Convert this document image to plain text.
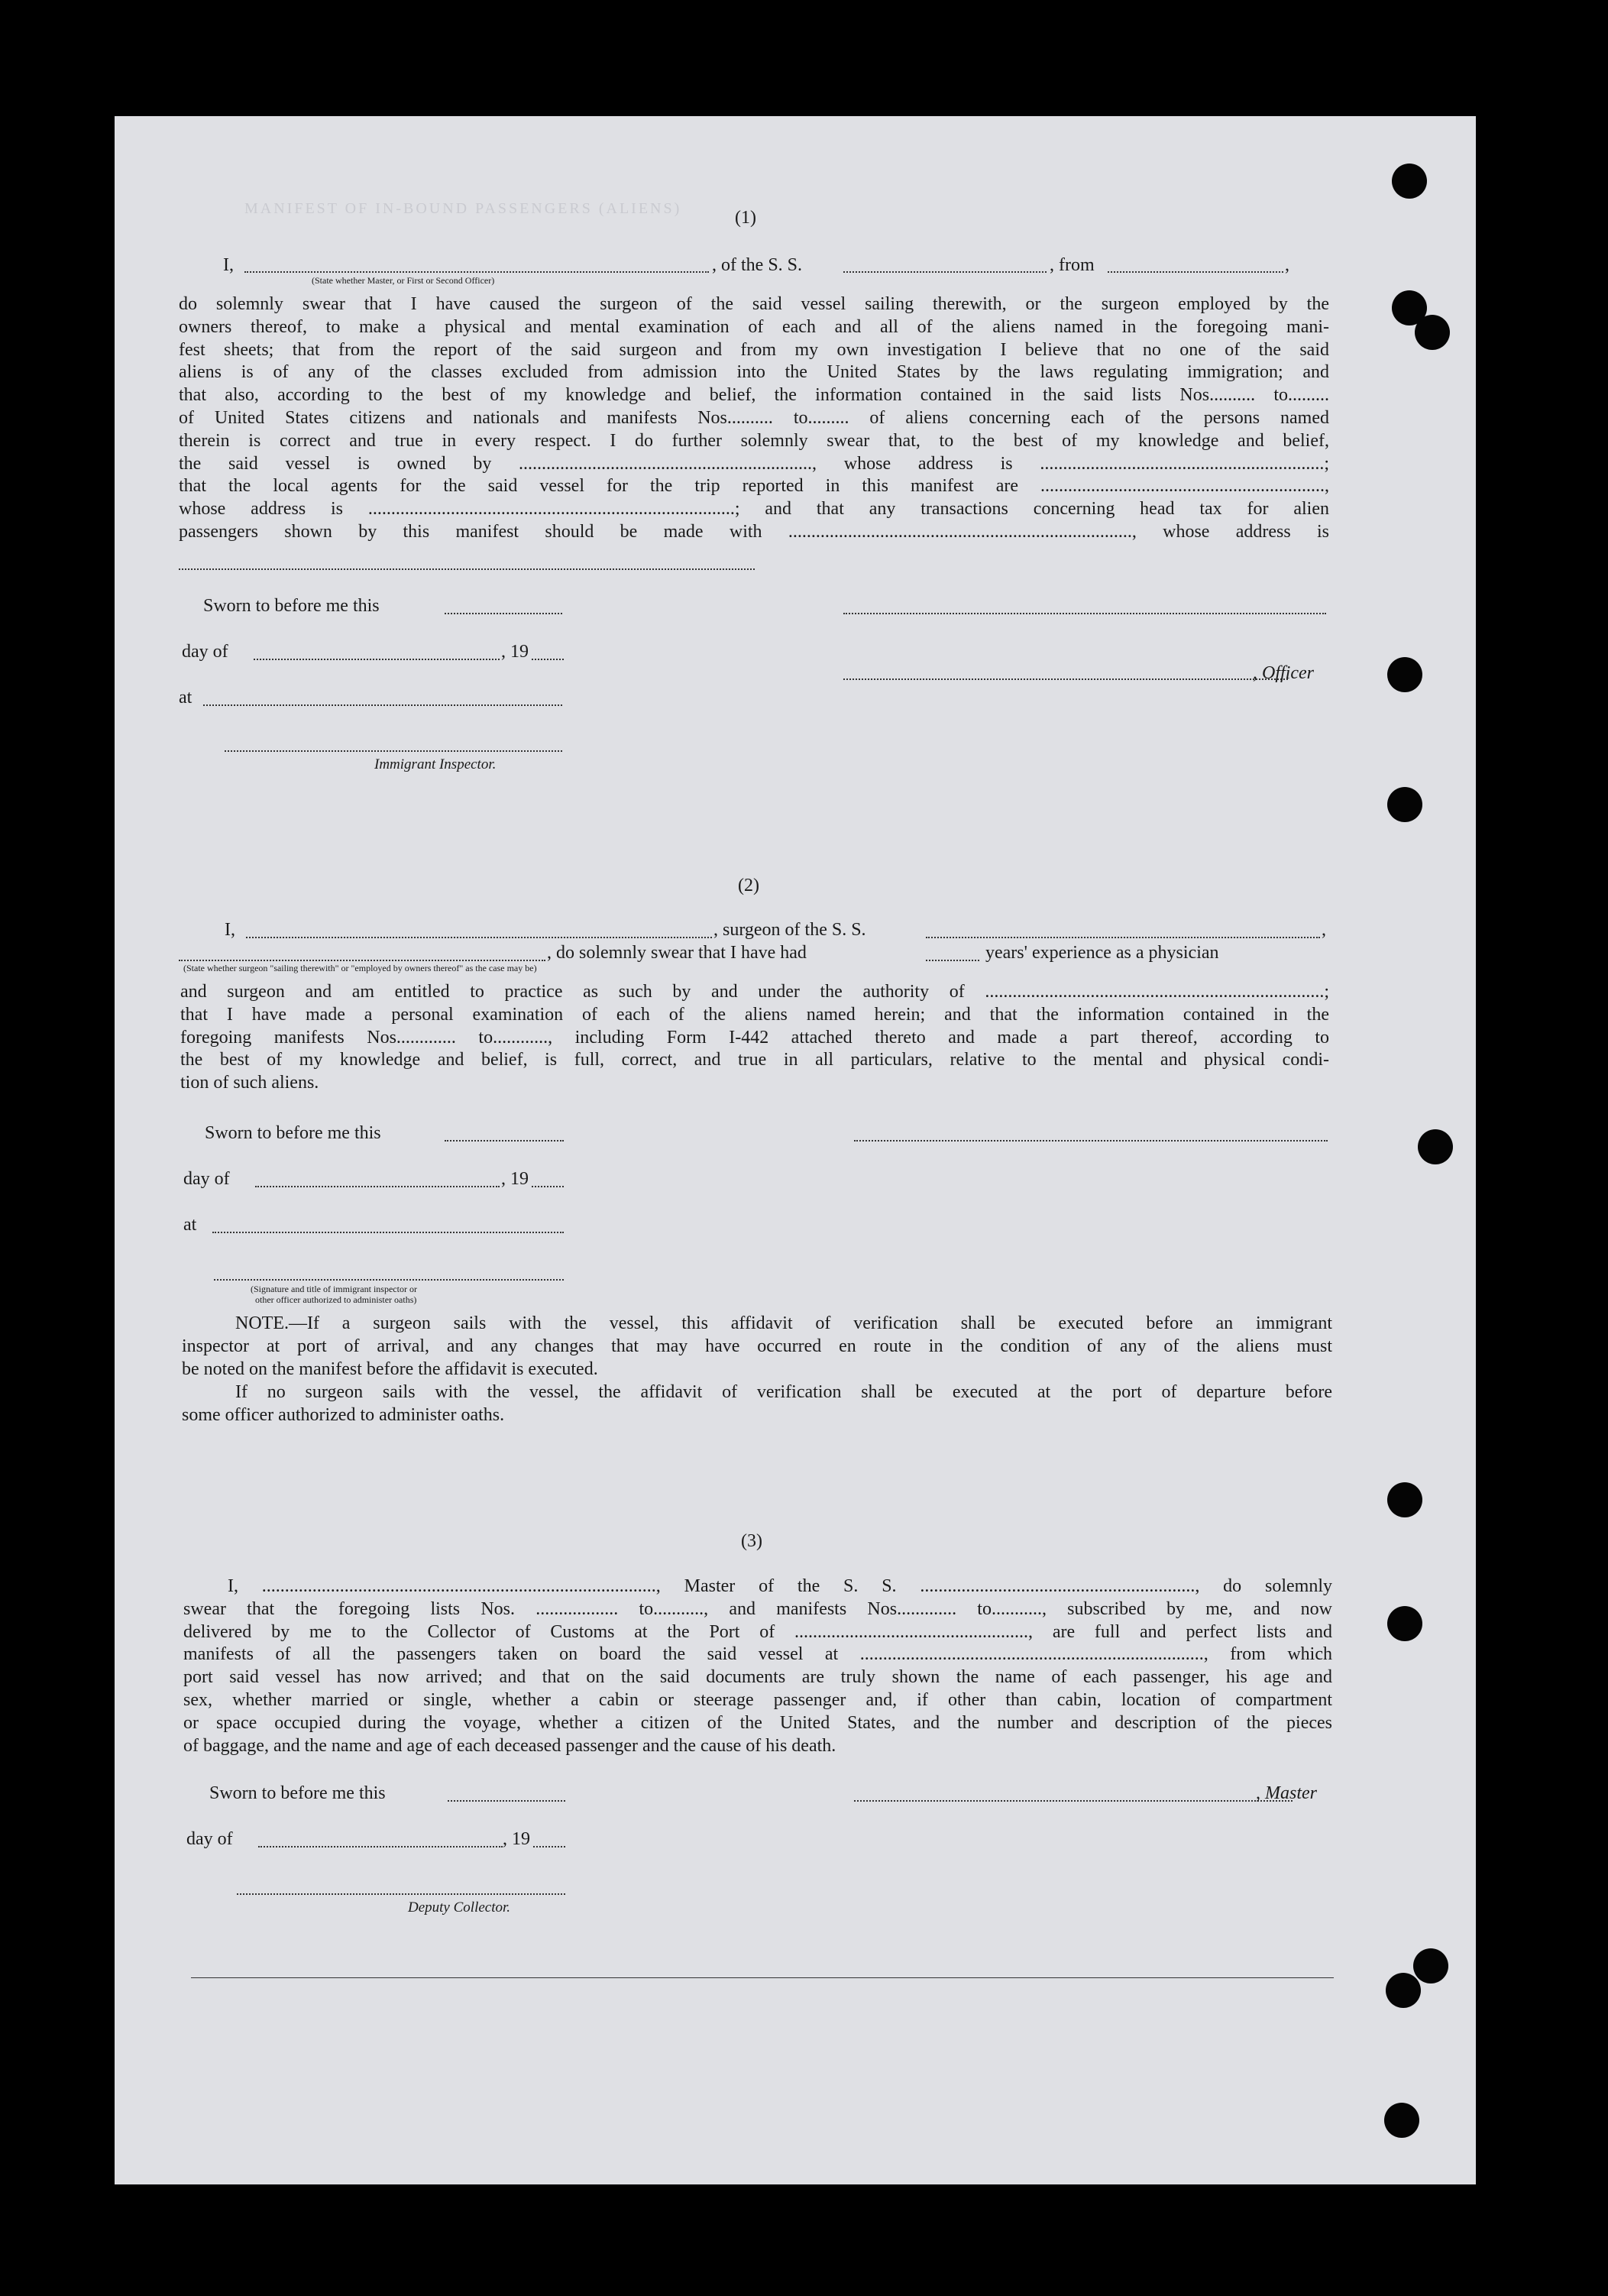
MANIFEST OF IN-BOUND PASSENGERS (ALIENS)	(1)
I,	, of the S. S.	, from	,
(State whether Master, or First or Second Officer)
do solemnly swear that I have caused the surgeon of the said vessel sailing therewith, or the surgeon employed by the
owners thereof, to make a physical and mental examination of each and all of the aliens named in the foregoing mani-
fest sheets; that from the report of the said surgeon and from my own investigation I believe that no one of the said
aliens is of any of the classes excluded from admission into the United States by the laws regulating immigration; and
that also, according to the best of my knowledge and belief, the information contained in the said lists Nos.......... to.........
of United States citizens and nationals and manifests Nos.......... to......... of aliens concerning each of the persons named
therein is correct and true in every respect. I do further solemnly swear that, to the best of my knowledge and belief,
the said vessel is owned by ................................................................, whose address is ..............................................................;
that the local agents for the said vessel for the trip reported in this manifest are ..............................................................,
whose address is ................................................................................; and that any transactions concerning head tax for alien
passengers shown by this manifest should be made with ..........................................................................., whose address is
Sworn to before me this
day of	, 19
, Officer
at
Immigrant Inspector.
(2)
I,	, surgeon of the S. S.	,
, do solemnly swear that I have had	years' experience as a physician
(State whether surgeon "sailing therewith" or "employed by owners thereof" as the case may be)
and surgeon and am entitled to practice as such by and under the authority of ..........................................................................;
that I have made a personal examination of each of the aliens named herein; and that the information contained in the
foregoing manifests Nos............. to............, including Form I-442 attached thereto and made a part thereof, according to
the best of my knowledge and belief, is full, correct, and true in all particulars, relative to the mental and physical condi-
tion of such aliens.
Sworn to before me this
day of	, 19
at
(Signature and title of immigrant inspector or
other officer authorized to administer oaths)
NOTE.—If a surgeon sails with the vessel, this affidavit of verification shall be executed before an immigrant
inspector at port of arrival, and any changes that may have occurred en route in the condition of any of the aliens must
be noted on the manifest before the affidavit is executed.
If no surgeon sails with the vessel, the affidavit of verification shall be executed at the port of departure before
some officer authorized to administer oaths.
(3)
I, ......................................................................................, Master of the S. S. ............................................................, do solemnly
swear that the foregoing lists Nos. .................. to..........., and manifests Nos............. to..........., subscribed by me, and now
delivered by me to the Collector of Customs at the Port of ..................................................., are full and perfect lists and
manifests of all the passengers taken on board the said vessel at ..........................................................................., from which
port said vessel has now arrived; and that on the said documents are truly shown the name of each passenger, his age and
sex, whether married or single, whether a cabin or steerage passenger and, if other than cabin, location of compartment
or space occupied during the voyage, whether a citizen of the United States, and the number and description of the pieces
of baggage, and the name and age of each deceased passenger and the cause of his death.
Sworn to before me this	, Master
day of	, 19
Deputy Collector.
